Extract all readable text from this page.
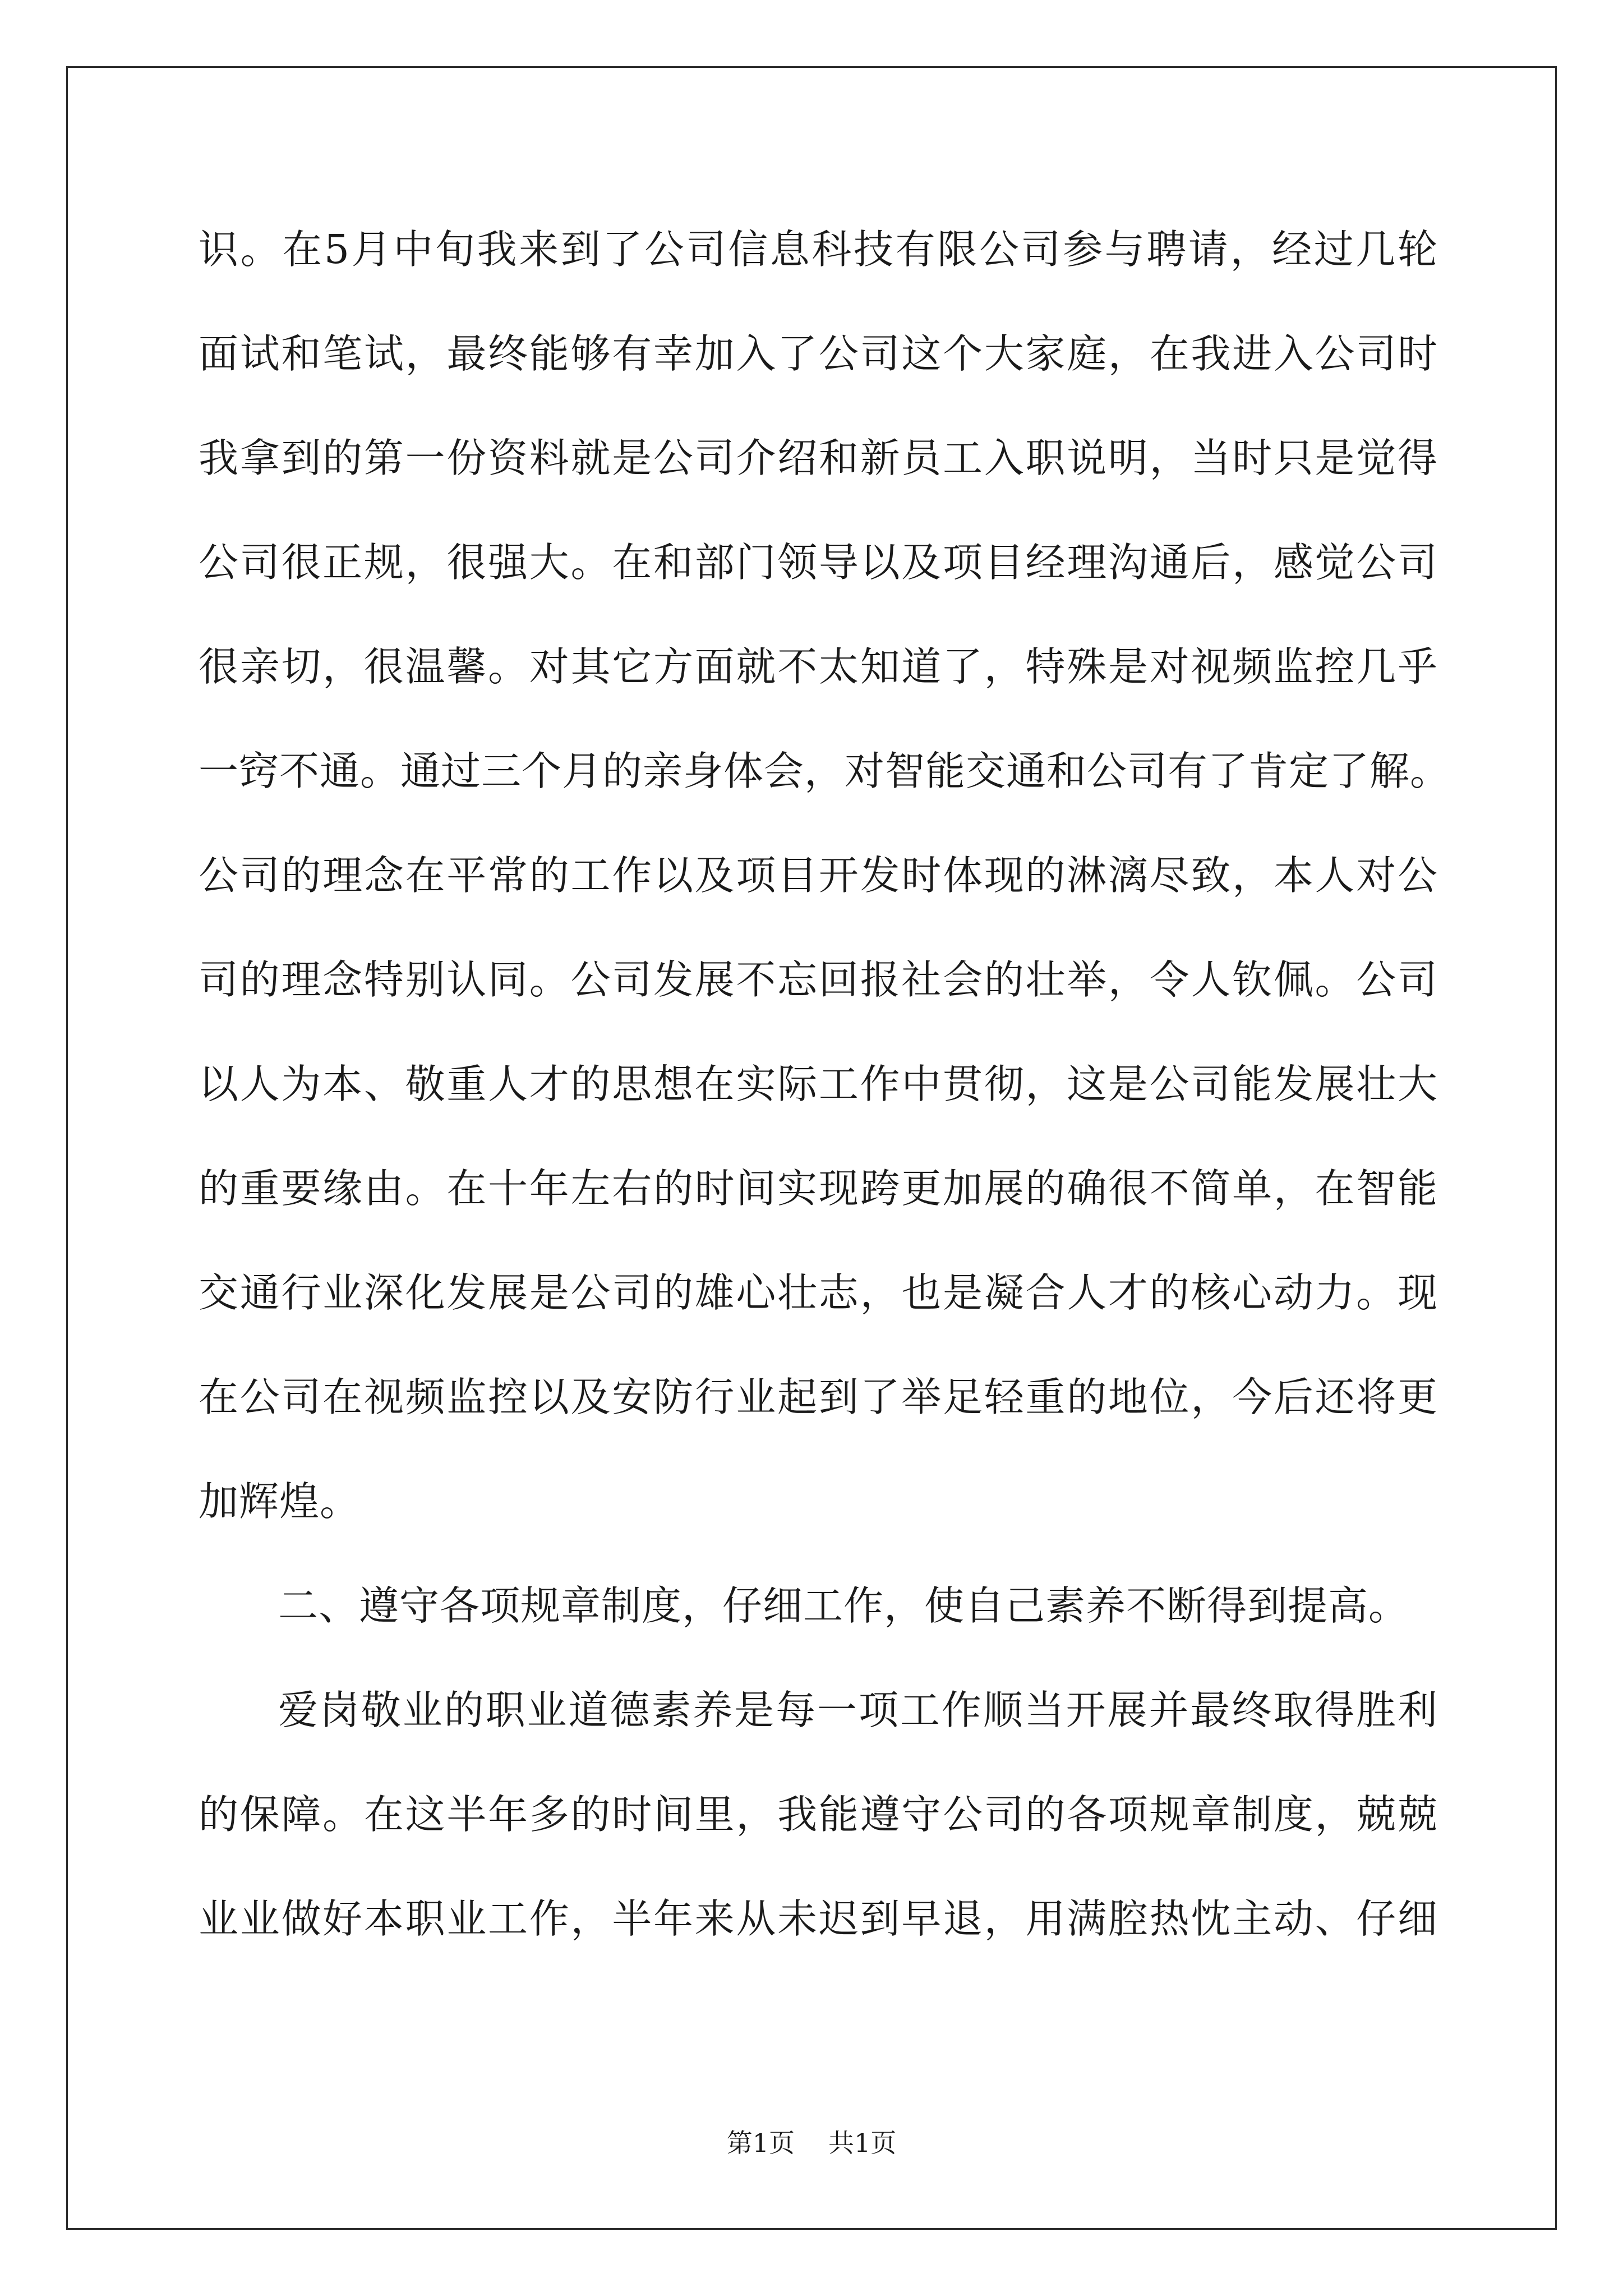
识。在5月中旬我来到了公司信息科技有限公司参与聘请，经过几轮
面试和笔试，最终能够有幸加入了公司这个大家庭，在我进入公司时
我拿到的第一份资料就是公司介绍和新员工入职说明，当时只是觉得
公司很正规，很强大。在和部门领导以及项目经理沟通后，感觉公司
很亲切，很温馨。对其它方面就不太知道了，特殊是对视频监控几乎
一窍不通。通过三个月的亲身体会，对智能交通和公司有了肯定了解。
公司的理念在平常的工作以及项目开发时体现的淋漓尽致，本人对公
司的理念特别认同。公司发展不忘回报社会的壮举，令人钦佩。公司
以人为本、敬重人才的思想在实际工作中贯彻，这是公司能发展壮大
的重要缘由。在十年左右的时间实现跨更加展的确很不简单，在智能
交通行业深化发展是公司的雄心壮志，也是凝合人才的核心动力。现
在公司在视频监控以及安防行业起到了举足轻重的地位，今后还将更
加辉煌。
二、遵守各项规章制度，仔细工作，使自己素养不断得到提高。
爱岗敬业的职业道德素养是每一项工作顺当开展并最终取得胜利
的保障。在这半年多的时间里，我能遵守公司的各项规章制度，兢兢
业业做好本职业工作，半年来从未迟到早退，用满腔热忱主动、仔细
第1页 共1页
